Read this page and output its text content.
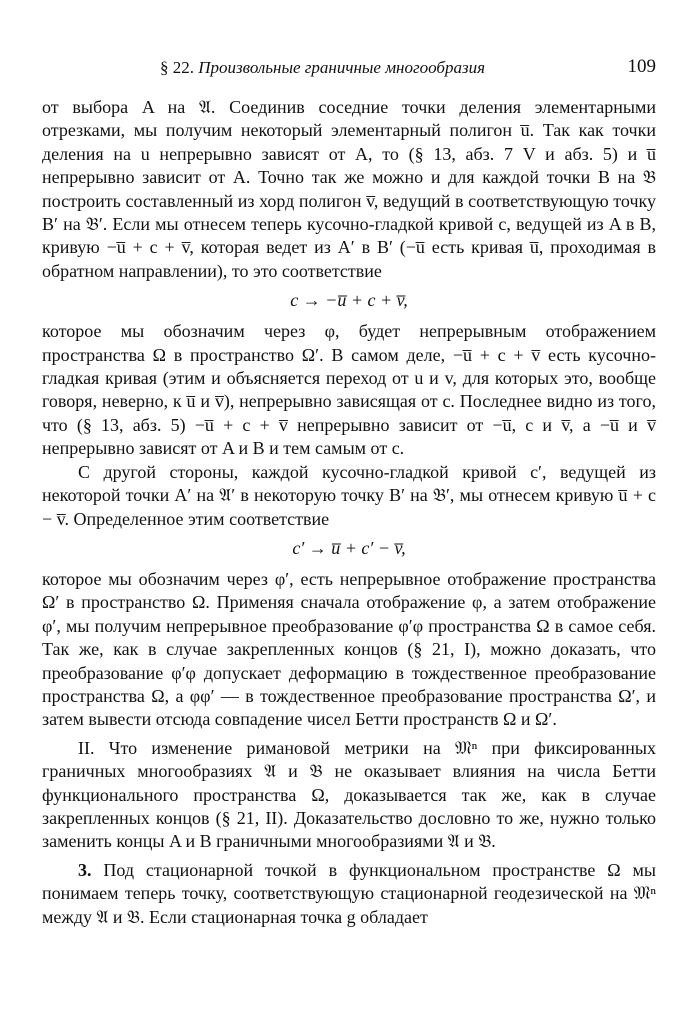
§ 22. Произвольные граничные многообразия	109

от выбора A на 𝔄. Соединив соседние точки деления элементарными отрезками, мы получим некоторый элементарный полигон u̅. Так как точки деления на u непрерывно зависят от A, то (§ 13, абз. 7 V и абз. 5) и u̅ непрерывно зависит от A. Точно так же можно и для каждой точки B на 𝔅 построить составленный из хорд полигон v̅, ведущий в соответствующую точку B′ на 𝔅′. Если мы отнесем теперь кусочно-гладкой кривой c, ведущей из A в B, кривую −u̅ + c + v̅, которая ведет из A′ в B′ (−u̅ есть кривая u̅, проходимая в обратном направлении), то это соответствие

c → −u̅ + c + v̅,

которое мы обозначим через φ, будет непрерывным отображением пространства Ω в пространство Ω′. В самом деле, −u̅ + c + v̅ есть кусочно-гладкая кривая (этим и объясняется переход от u и v, для которых это, вообще говоря, неверно, к u̅ и v̅), непрерывно зависящая от c. Последнее видно из того, что (§ 13, абз. 5) −u̅ + c + v̅ непрерывно зависит от −u̅, c и v̅, а −u̅ и v̅ непрерывно зависят от A и B и тем самым от c.

С другой стороны, каждой кусочно-гладкой кривой c′, ведущей из некоторой точки A′ на 𝔄′ в некоторую точку B′ на 𝔅′, мы отнесем кривую u̅ + c − v̅. Определенное этим соответствие

c′ → u̅ + c′ − v̅,

которое мы обозначим через φ′, есть непрерывное отображение пространства Ω′ в пространство Ω. Применяя сначала отображение φ, а затем отображение φ′, мы получим непрерывное преобразование φ′φ пространства Ω в самое себя. Так же, как в случае закрепленных концов (§ 21, I), можно доказать, что преобразование φ′φ допускает деформацию в тождественное преобразование пространства Ω, а φφ′ — в тождественное преобразование пространства Ω′, и затем вывести отсюда совпадение чисел Бетти пространств Ω и Ω′.

II. Что изменение римановой метрики на 𝔐ⁿ при фиксированных граничных многообразиях 𝔄 и 𝔅 не оказывает влияния на числа Бетти функционального пространства Ω, доказывается так же, как в случае закрепленных концов (§ 21, II). Доказательство дословно то же, нужно только заменить концы A и B граничными многообразиями 𝔄 и 𝔅.

3. Под стационарной точкой в функциональном пространстве Ω мы понимаем теперь точку, соответствующую стационарной геодезической на 𝔐ⁿ между 𝔄 и 𝔅. Если стационарная точка g обладает
